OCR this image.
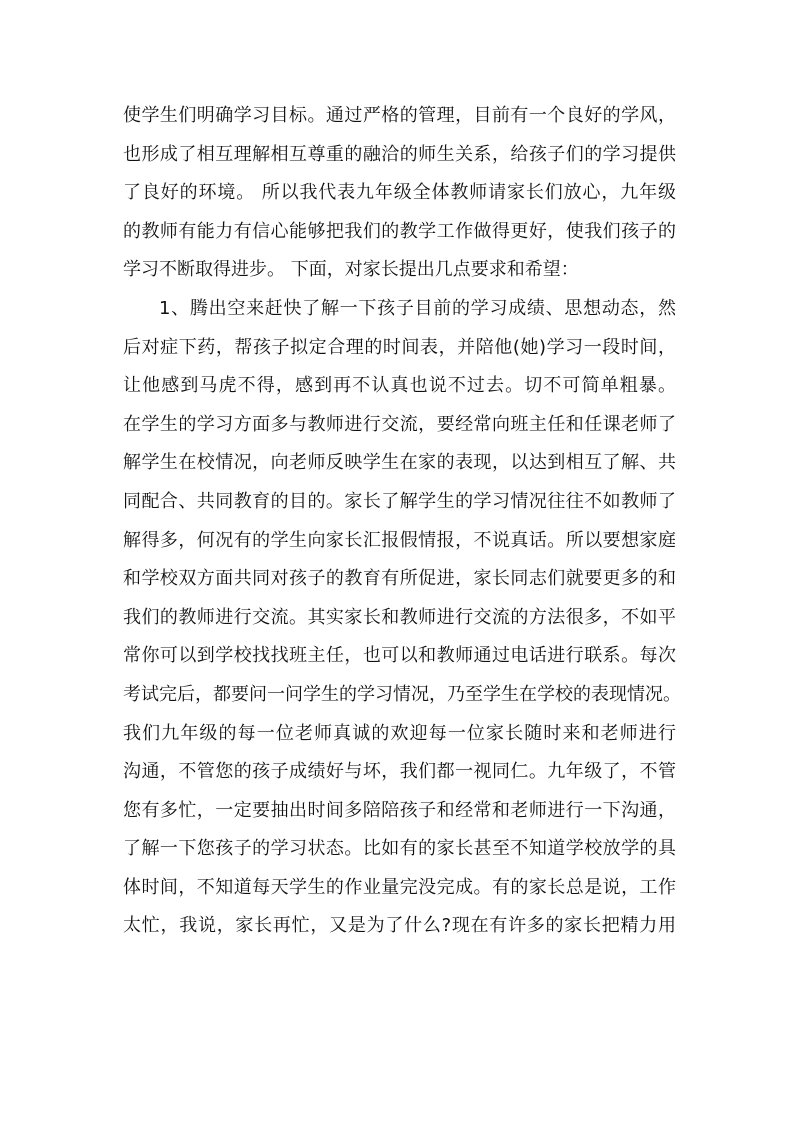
使学生们明确学习目标。通过严格的管理，目前有一个良好的学风，
也形成了相互理解相互尊重的融洽的师生关系，给孩子们的学习提供
了良好的环境。 所以我代表九年级全体教师请家长们放心，九年级
的教师有能力有信心能够把我们的教学工作做得更好，使我们孩子的
学习不断取得进步。 下面，对家长提出几点要求和希望：
1、腾出空来赶快了解一下孩子目前的学习成绩、思想动态，然
后对症下药，帮孩子拟定合理的时间表，并陪他(她)学习一段时间，
让他感到马虎不得，感到再不认真也说不过去。切不可简单粗暴。
在学生的学习方面多与教师进行交流，要经常向班主任和任课老师了
解学生在校情况，向老师反映学生在家的表现，以达到相互了解、共
同配合、共同教育的目的。家长了解学生的学习情况往往不如教师了
解得多，何况有的学生向家长汇报假情报，不说真话。所以要想家庭
和学校双方面共同对孩子的教育有所促进，家长同志们就要更多的和
我们的教师进行交流。其实家长和教师进行交流的方法很多，不如平
常你可以到学校找找班主任，也可以和教师通过电话进行联系。每次
考试完后，都要问一问学生的学习情况，乃至学生在学校的表现情况。
我们九年级的每一位老师真诚的欢迎每一位家长随时来和老师进行
沟通，不管您的孩子成绩好与坏，我们都一视同仁。九年级了，不管
您有多忙，一定要抽出时间多陪陪孩子和经常和老师进行一下沟通，
了解一下您孩子的学习状态。比如有的家长甚至不知道学校放学的具
体时间，不知道每天学生的作业量完没完成。有的家长总是说，工作
太忙，我说，家长再忙，又是为了什么?现在有许多的家长把精力用
